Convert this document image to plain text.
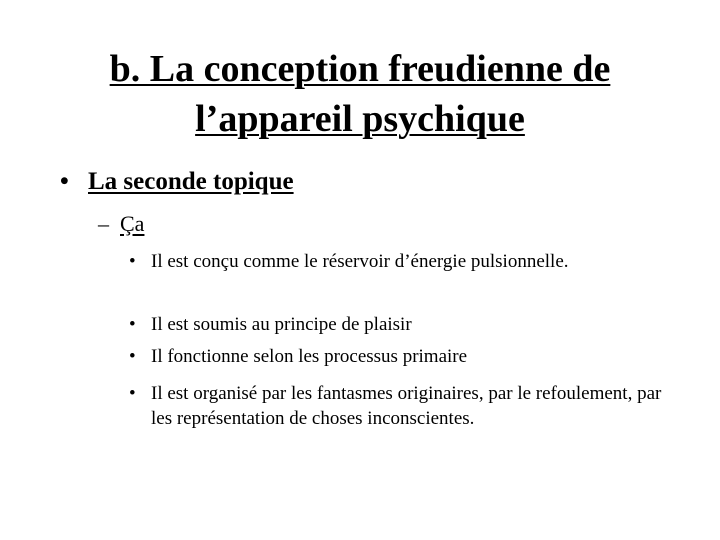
b. La conception freudienne de
l’appareil psychique
• La seconde topique
– Ça
• Il est conçu comme le réservoir d’énergie pulsionnelle.
• Il est soumis au principe de plaisir
• Il fonctionne selon les processus primaire
• Il est organisé par les fantasmes originaires, par le refoulement, par les représentation de choses inconscientes.
